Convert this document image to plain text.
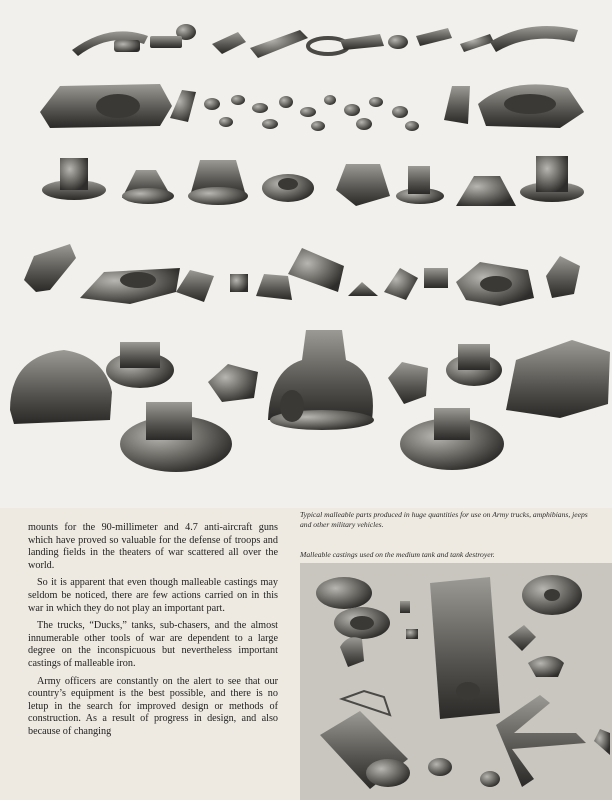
Typical malleable parts produced in huge quantities for use on Army trucks, amphibians, jeeps and other military vehicles.

mounts for the 90-millimeter and 4.7 anti-aircraft guns which have proved so valuable for the defense of troops and landing fields in the theaters of war scattered all over the world.

So it is apparent that even though malleable castings may seldom be noticed, there are few actions carried on in this war in which they do not play an important part.

The trucks, “Ducks,” tanks, sub-chasers, and the almost innumerable other tools of war are dependent to a large degree on the inconspicuous but nevertheless important castings of malleable iron.

Army officers are constantly on the alert to see that our country’s equipment is the best possible, and there is no letup in the search for improved design or methods of construction. As a result of progress in design, and also because of changing

Malleable castings used on the medium tank and tank destroyer.
